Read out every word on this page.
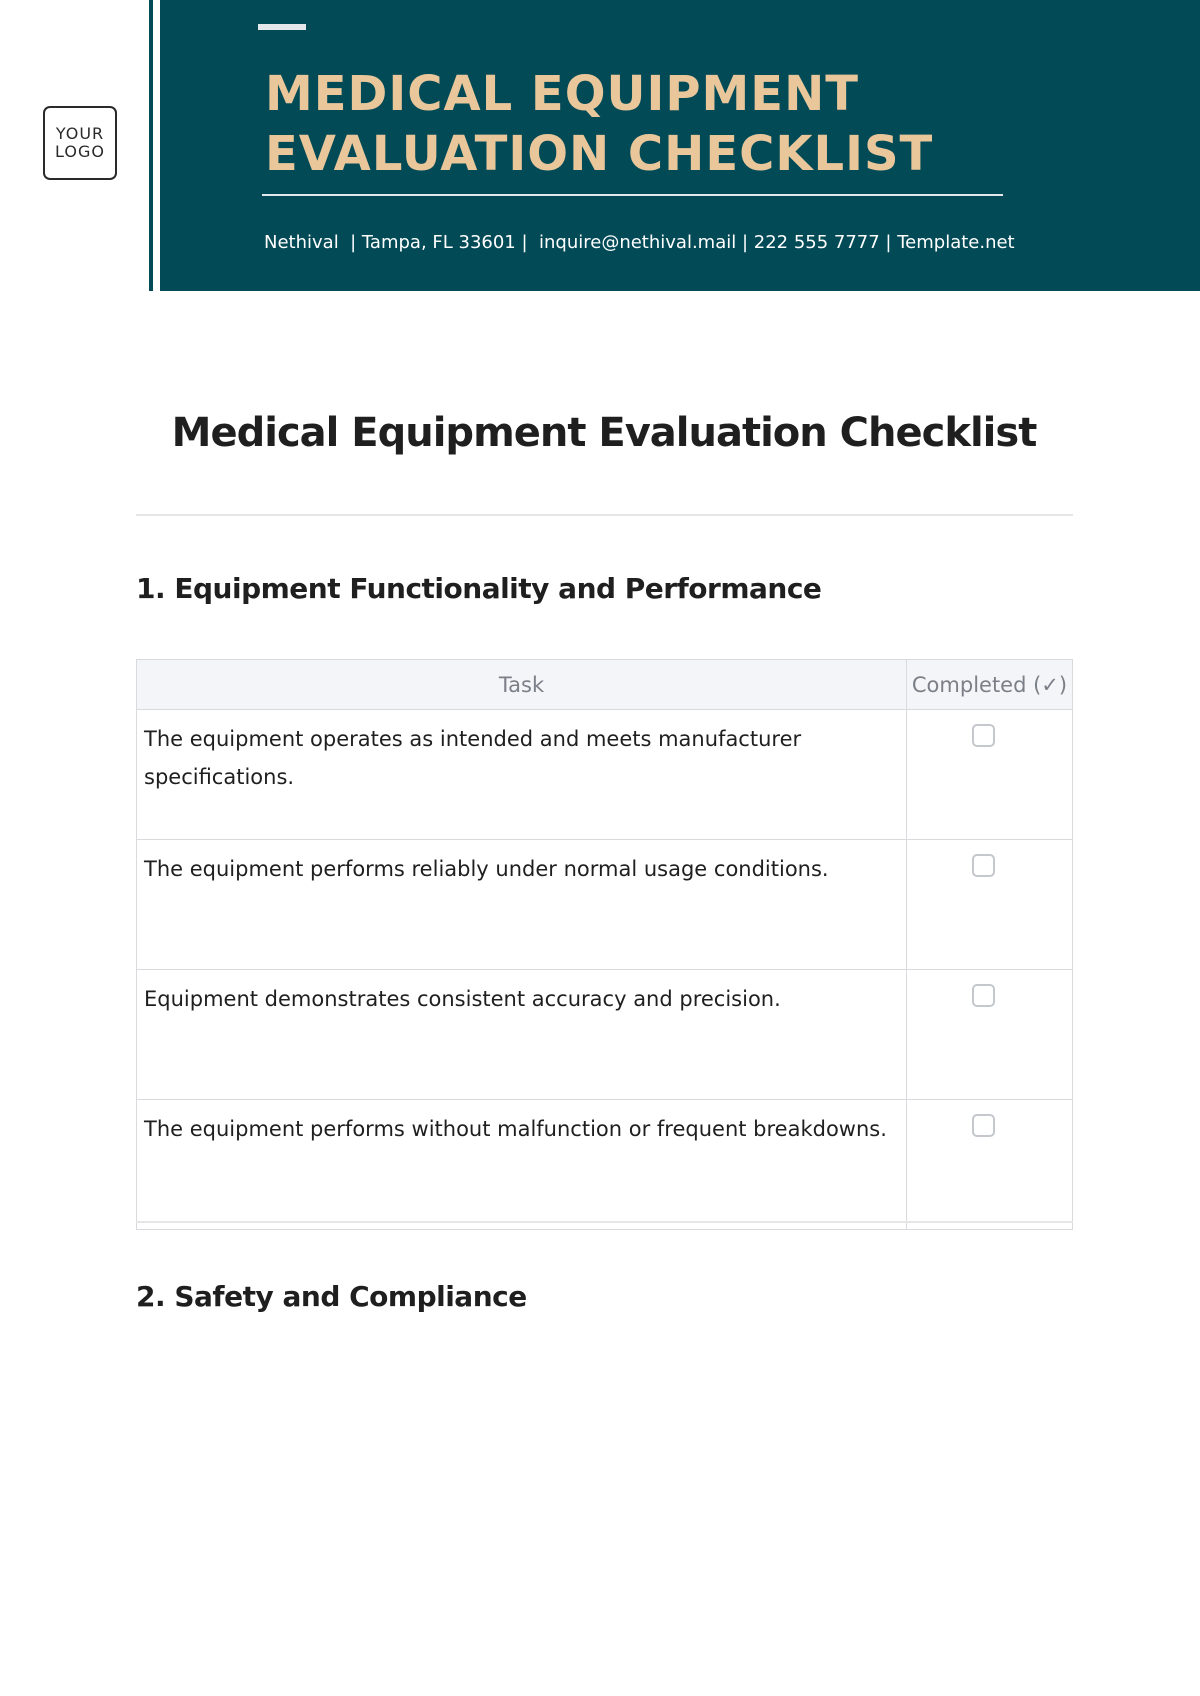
YOUR
LOGO
MEDICAL EQUIPMENT
EVALUATION CHECKLIST
Nethival  | Tampa, FL 33601 |  inquire@nethival.mail | 222 555 7777 | Template.net
Medical Equipment Evaluation Checklist
1. Equipment Functionality and Performance
Task	Completed (✓)
The equipment operates as intended and meets manufacturer specifications.	
The equipment performs reliably under normal usage conditions.	
Equipment demonstrates consistent accuracy and precision.	
The equipment performs without malfunction or frequent breakdowns.	
2. Safety and Compliance
